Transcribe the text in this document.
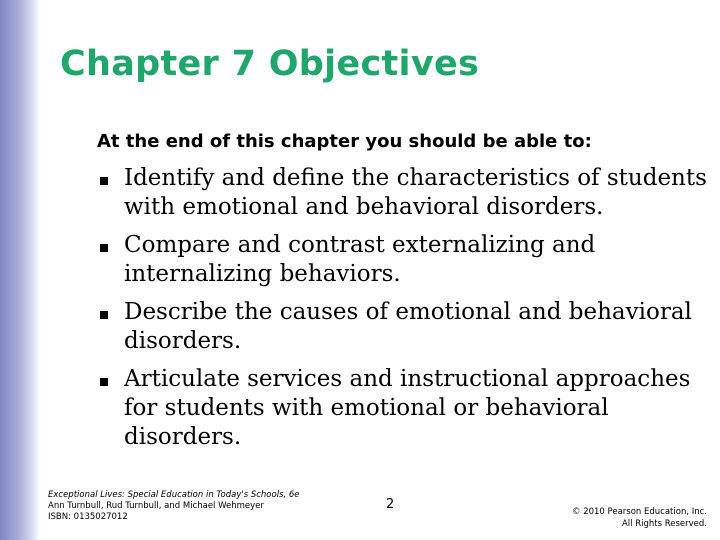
Chapter 7 Objectives
At the end of this chapter you should be able to:
Identify and define the characteristics of students with emotional and behavioral disorders.
Compare and contrast externalizing and internalizing behaviors.
Describe the causes of emotional and behavioral disorders.
Articulate services and instructional approaches for students with emotional or behavioral disorders.
Exceptional Lives: Special Education in Today's Schools, 6e
Ann Turnbull, Rud Turnbull, and Michael Wehmeyer
ISBN: 0135027012
2	© 2010 Pearson Education, Inc.
All Rights Reserved.
